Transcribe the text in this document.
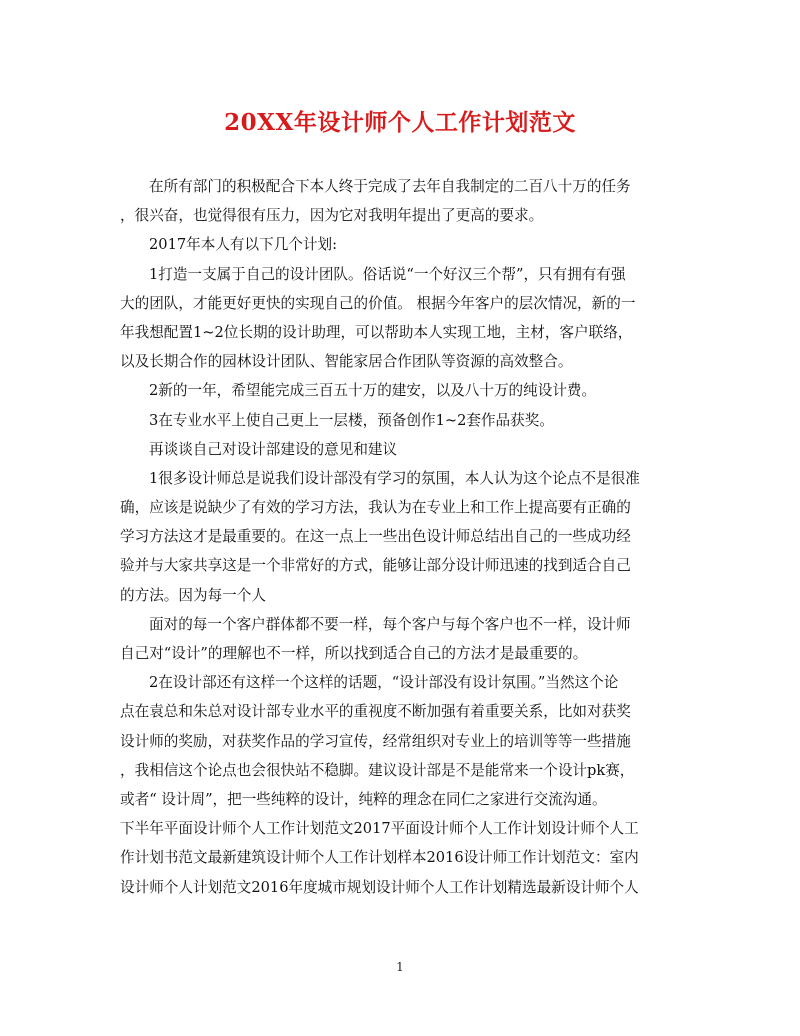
20XX年设计师个人工作计划范文
在所有部门的积极配合下本人终于完成了去年自我制定的二百八十万的任务
，很兴奋，也觉得很有压力，因为它对我明年提出了更高的要求。
2017年本人有以下几个计划:
1打造一支属于自己的设计团队。俗话说“一个好汉三个帮”，只有拥有有强
大的团队，才能更好更快的实现自己的价值。 根据今年客户的层次情况，新的一
年我想配置1~2位长期的设计助理，可以帮助本人实现工地，主材，客户联络，
以及长期合作的园林设计团队、智能家居合作团队等资源的高效整合。
2新的一年，希望能完成三百五十万的建安，以及八十万的纯设计费。
3在专业水平上使自己更上一层楼，预备创作1~2套作品获奖。
再谈谈自己对设计部建设的意见和建议
1很多设计师总是说我们设计部没有学习的氛围，本人认为这个论点不是很准
确，应该是说缺少了有效的学习方法，我认为在专业上和工作上提高要有正确的
学习方法这才是最重要的。在这一点上一些出色设计师总结出自己的一些成功经
验并与大家共享这是一个非常好的方式，能够让部分设计师迅速的找到适合自己
的方法。因为每一个人
面对的每一个客户群体都不要一样，每个客户与每个客户也不一样，设计师
自己对“设计”的理解也不一样，所以找到适合自己的方法才是最重要的。
2在设计部还有这样一个这样的话题，“设计部没有设计氛围。”当然这个论
点在袁总和朱总对设计部专业水平的重视度不断加强有着重要关系，比如对获奖
设计师的奖励，对获奖作品的学习宣传，经常组织对专业上的培训等等一些措施
，我相信这个论点也会很快站不稳脚。建议设计部是不是能常来一个设计pk赛，
或者“ 设计周”，把一些纯粹的设计，纯粹的理念在同仁之家进行交流沟通。
下半年平面设计师个人工作计划范文2017平面设计师个人工作计划设计师个人工
作计划书范文最新建筑设计师个人工作计划样本2016设计师工作计划范文：室内
设计师个人计划范文2016年度城市规划设计师个人工作计划精选最新设计师个人
1
